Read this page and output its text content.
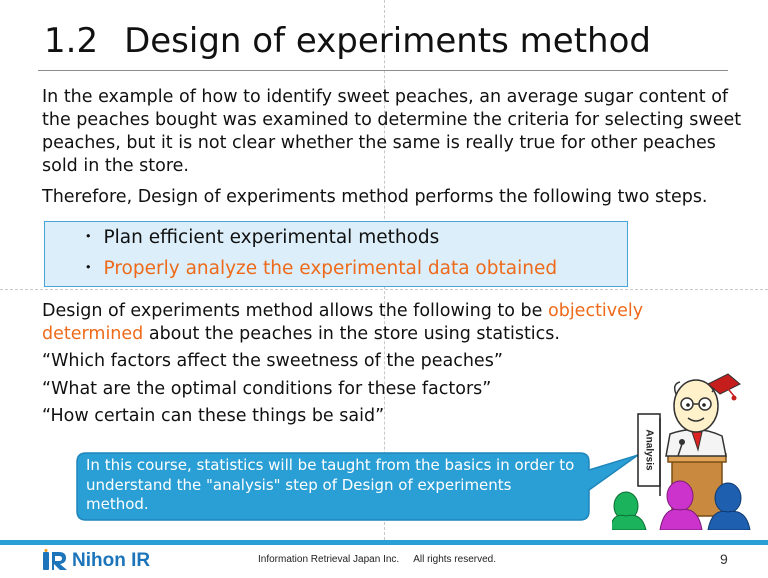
1.2 Design of experiments method
In the example of how to identify sweet peaches, an average sugar content of the peaches bought was examined to determine the criteria for selecting sweet peaches, but it is not clear whether the same is really true for other peaches sold in the store.
Therefore, Design of experiments method performs the following two steps.
・ Plan efficient experimental methods
・ Properly analyze the experimental data obtained
Design of experiments method allows the following to be objectively determined about the peaches in the store using statistics.
“Which factors affect the sweetness of the peaches”
“What are the optimal conditions for these factors”
“How certain can these things be said”
In this course, statistics will be taught from the basics in order to understand the "analysis" step of Design of experiments method.
Analysis
Nihon IR	Information Retrieval Japan Inc. All rights reserved.	9
